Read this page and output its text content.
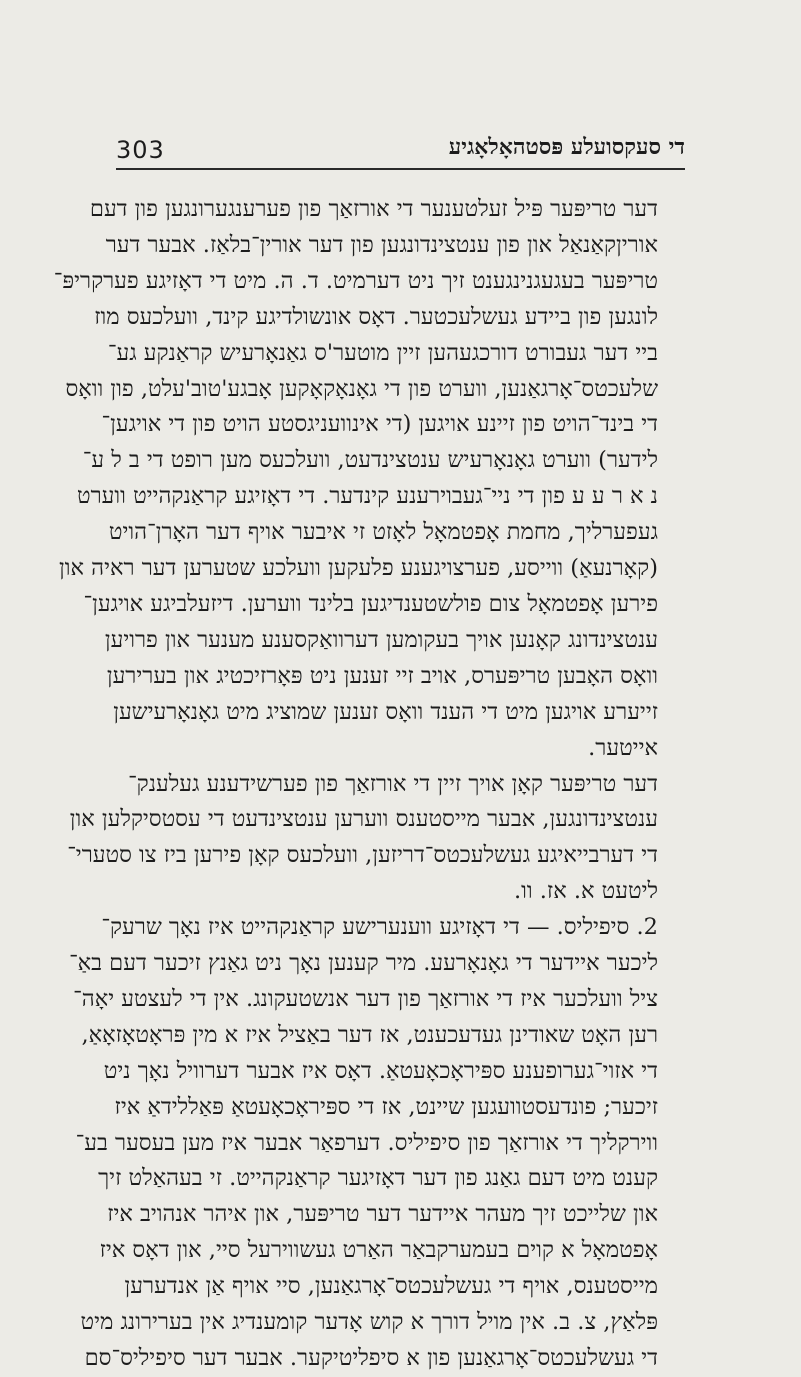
303	די סעקסועלע פּסטהאָלאָגיע

דער טריפּער פּיל זעלטענער די אורזאַך פון פערענגערונגען פון דעם
אוריןקאַנאַל און פון ענטצינדונגען פון דער אורין־בלאַז. אבער דער
טריפּער בעגעגנינגענט זיך ניט דערמיט. ד. ה. מיט די דאָזיגע פערקריפּ־
לונגען פון ביידע געשלעכטער. דאָס אונשולדיגע קינד, וועלכעס מוז
ביי דער געבורט דורכגעהען זיין מוטער'ס גאַנאָרעיש קראַנקע גע־
שלעכטס־אָרגאַנען, ווערט פון די גאָנאָקאָקען אָבגע'טוב'עלט, פון וואָס
די בינד־הויט פון זיינע אויגען (די אינוועניגסטע הויט פון די אויגען־
לידער) ווערט גאָנאָרעיש ענטצינדעט, וועלכעס מען רופט די ב ל ע־
נ א ר ע ע פון די ניי־געבוירענע קינדער. די דאָזיגע קראַנקהייט ווערט
געפערליך, מחמת אָפטמאָל לאָזט זי איבער אויף דער האָרן־הויט
(קאָרנעאַ) ווייסע, פערצויגענע פלעקען וועלכע שטערען דער ראיה און
פירען אָפטמאָל צום פולשטענדיגען בלינד ווערען. דיזעלביגע אויגען־
ענטצינדונג קאָנען אויך בעקומען דערוואַקסענע מענער און פרויען
וואָס האָבען טריפּערס, אויב זיי זענען ניט פּאָרזיכטיג און בערירען
זייערע אויגען מיט די הענד וואָס זענען שמוציג מיט גאָנאָרעישען
אייטער.

דער טריפּער קאָן אויך זיין די אורזאַך פון פערשידענע געלענק־
ענטצינדונגען, אבער מייסטענס ווערען ענטצינדעט די עסטסיקלען און
די דערבייאיגע געשלעכטס־דריזען, וועלכעס קאָן פירען ביז צו סטערי־
ליטעט א. אז. וו.

2. סיפיליס. — די דאָזיגע ווענערישע קראַנקהייט איז נאָך שרעק־
ליכער איידער די גאָנאָרעע. מיר קענען נאָך ניט גאַנץ זיכער דעם באַ־
ציל וועלכער איז די אורזאַך פון דער אנשטעקונג. אין די לעצטע יאָה־
רען האָט שאודינן געדעכענט, אז דער באַציל איז א מין פּראָטאָזאָאַ,
די אזוי־גערופענע ספּיראָכאָעטאַ. דאָס איז אבער דערוויל נאָך ניט
זיכער; פונדעסטוועגען שיינט, אז די ספּיראָכאָעטאַ פּאַללידאַ איז
ווירקליך די אורזאַך פון סיפיליס. דערפאַר אבער איז מען בעסער בע־
קענט מיט דעם גאַנג פון דער דאָזיגער קראַנקהייט. זי בעהאַלט זיך
און שלייכט זיך מעהר איידער דער טריפּער, און איהר אנהויב איז
אָפטמאָל א קוים בעמערקבאַר האַרט געשווירעל סיי, און דאָס איז
מייסטענס, אויף די געשלעכטס־אָרגאַנען, סיי אויף אַן אנדערען
פּלאַץ, צ. ב. אין מויל דורך א קוש אָדער קומענדיג אין בערירונג מיט
די געשלעכטס־אָרגאַנען פון א סיפליטיקער. אבער דער סיפיליס־סם
